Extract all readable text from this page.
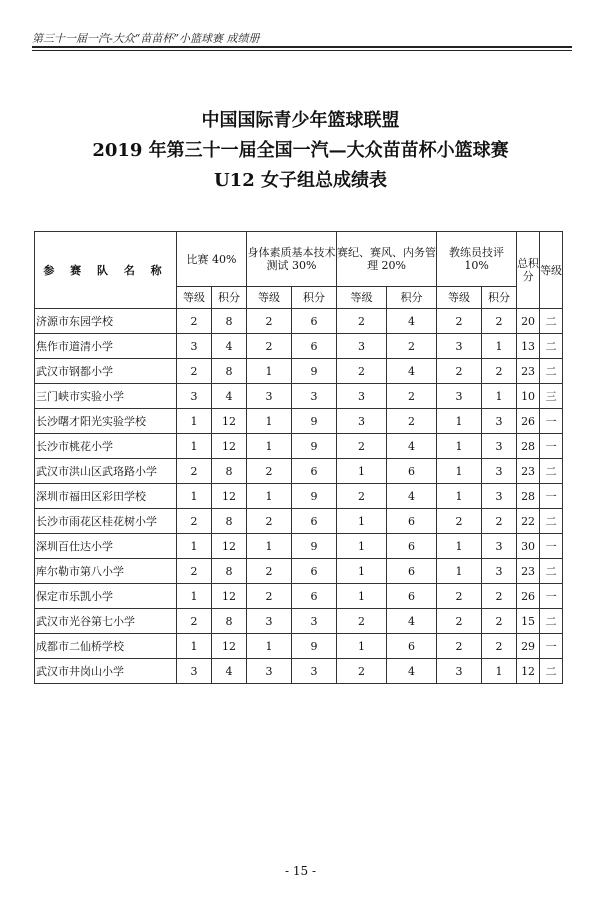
第三十一届一汽-大众“苗苗杯”小篮球赛 成绩册
中国国际青少年篮球联盟
2019 年第三十一届全国一汽—大众苗苗杯小篮球赛
U12 女子组总成绩表
参 赛 队 名 称	比赛 40%		身体素质基本技术测试 30%		赛纪、赛风、内务管理 20%		教练员技评 10%		总积分	等级
	等级	积分	等级	积分	等级	积分	等级	积分		
济源市东园学校	2	8	2	6	2	4	2	2	20	二
焦作市道清小学	3	4	2	6	3	2	3	1	13	二
武汉市钢都小学	2	8	1	9	2	4	2	2	23	二
三门峡市实验小学	3	4	3	3	3	2	3	1	10	三
长沙曙才阳光实验学校	1	12	1	9	3	2	1	3	26	一
长沙市桃花小学	1	12	1	9	2	4	1	3	28	一
武汉市洪山区武珞路小学	2	8	2	6	1	6	1	3	23	二
深圳市福田区彩田学校	1	12	1	9	2	4	1	3	28	一
长沙市雨花区桂花树小学	2	8	2	6	1	6	2	2	22	二
深圳百仕达小学	1	12	1	9	1	6	1	3	30	一
库尔勒市第八小学	2	8	2	6	1	6	1	3	23	二
保定市乐凯小学	1	12	2	6	1	6	2	2	26	一
武汉市光谷第七小学	2	8	3	3	2	4	2	2	15	二
成都市二仙桥学校	1	12	1	9	1	6	2	2	29	一
武汉市井岗山小学	3	4	3	3	2	4	3	1	12	二
- 15 -
